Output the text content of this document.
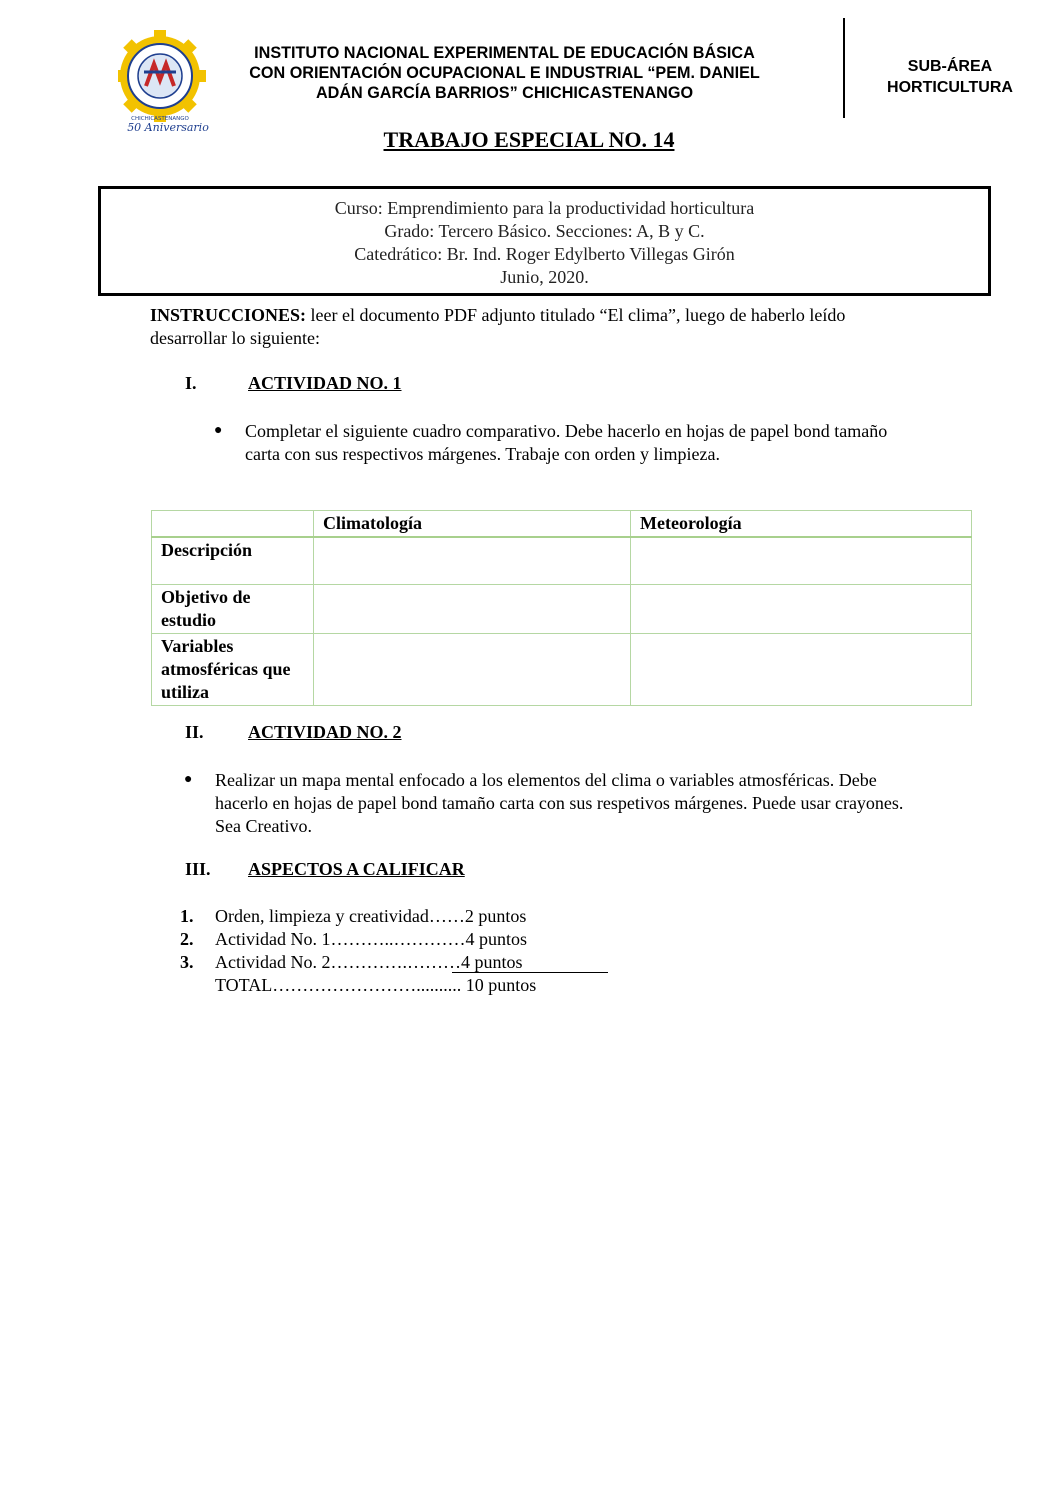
CHICHICASTENANGO
50 Aniversario
INSTITUTO NACIONAL EXPERIMENTAL DE EDUCACIÓN BÁSICA
CON ORIENTACIÓN OCUPACIONAL E INDUSTRIAL “PEM. DANIEL
ADÁN GARCÍA BARRIOS” CHICHICASTENANGO
SUB-ÁREA
HORTICULTURA
TRABAJO ESPECIAL NO. 14
Curso: Emprendimiento para la productividad horticultura
Grado: Tercero Básico. Secciones: A, B y C.
Catedrático: Br. Ind. Roger Edylberto Villegas Girón
Junio, 2020.
INSTRUCCIONES: leer el documento PDF adjunto titulado “El clima”, luego de haberlo leído desarrollar lo siguiente:
I.	ACTIVIDAD NO. 1
● Completar el siguiente cuadro comparativo. Debe hacerlo en hojas de papel bond tamaño carta con sus respectivos márgenes. Trabaje con orden y limpieza.
	Climatología	Meteorología
Descripción		
Objetivo de estudio		
Variables atmosféricas que utiliza		
II. ACTIVIDAD NO. 2
● Realizar un mapa mental enfocado a los elementos del clima o variables atmosféricas. Debe hacerlo en hojas de papel bond tamaño carta con sus respetivos márgenes. Puede usar crayones. Sea Creativo.
III. ASPECTOS A CALIFICAR
1. Orden, limpieza y creatividad……2 puntos
2. Actividad No. 1………..…………4 puntos
3. Actividad No. 2………….………4 puntos
TOTAL…………………….......... 10 puntos
